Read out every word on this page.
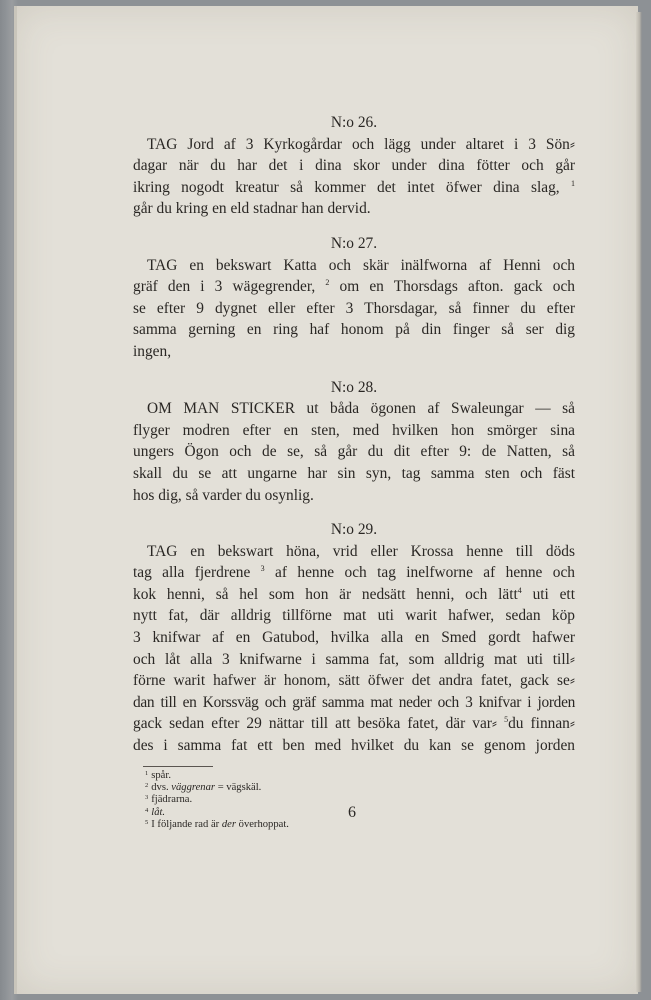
N:o 26.

TAG Jord af 3 Kyrkogårdar och lägg under altaret i 3 Sön⸗
dagar när du har det i dina skor under dina fötter och går
ikring nogodt kreatur så kommer det intet öfwer dina slag, $^1$
går du kring en eld stadnar han dervid.

N:o 27.

TAG en bekswart Katta och skär inälfworna af Henni och
gräf den i 3 wägegrender, $^2$ om en Thorsdags afton. gack och
se efter 9 dygnet eller efter 3 Thorsdagar, så finner du efter
samma gerning en ring haf honom på din finger så ser dig
ingen,

N:o 28.

OM MAN STICKER ut båda ögonen af Swaleungar — så
flyger modren efter en sten, med hvilken hon smörger sina
ungers Ögon och de se, så går du dit efter 9: de Natten, så
skall du se att ungarne har sin syn, tag samma sten och fäst
hos dig, så varder du osynlig.

N:o 29.

TAG en bekswart höna, vrid eller Krossa henne till döds
tag alla fjerdrene $^3$ af henne och tag inelfworne af henne och
kok henni, så hel som hon är nedsätt henni, och lätt$^4$ uti ett
nytt fat, där alldrig tillförne mat uti warit hafwer, sedan köp
3 knifwar af en Gatubod, hvilka alla en Smed gordt hafwer
och låt alla 3 knifwarne i samma fat, som alldrig mat uti till⸗
förne warit hafwer är honom, sätt öfwer det andra fatet, gack se⸗
dan till en Korssväg och gräf samma mat neder och 3 knifvar i jorden
gack sedan efter 29 nättar till att besöka fatet, där var⸗ $^5$du finnan⸗
des i samma fat ett ben med hvilket du kan se genom jorden

$^1$ spår.
$^2$ dvs. väggrenar = vägskäl.
$^3$ fjädrarna.
$^4$ låt.
$^5$ I följande rad är der överhoppat.
6
